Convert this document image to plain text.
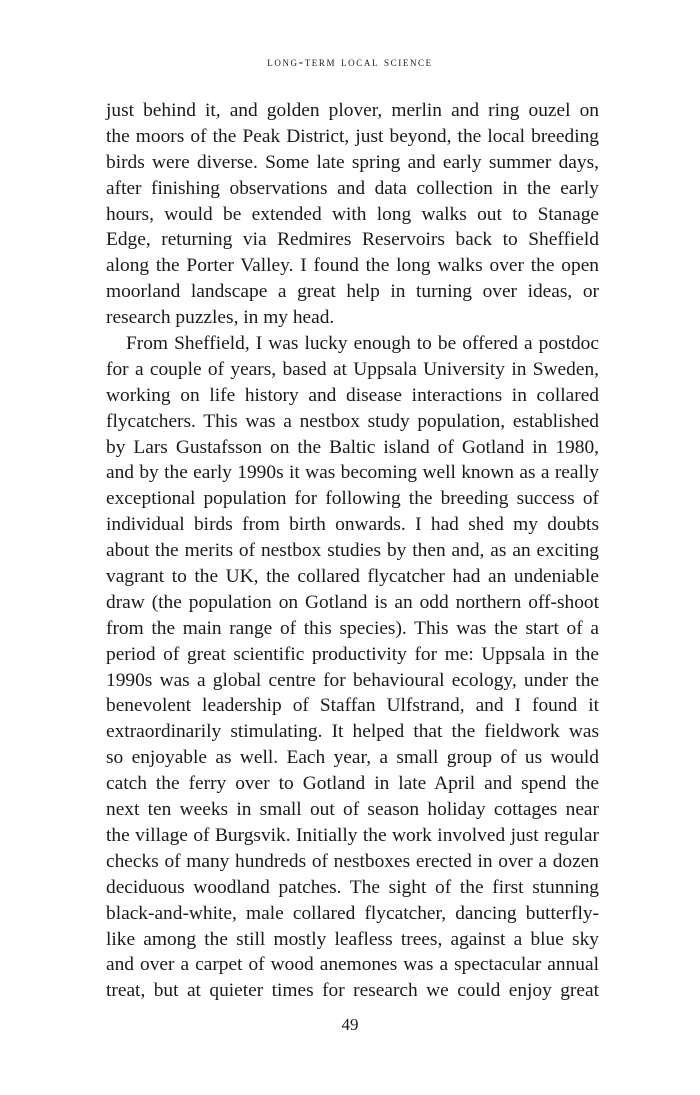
long-term local science
just behind it, and golden plover, merlin and ring ouzel on
the moors of the Peak District, just beyond, the local breeding
birds were diverse. Some late spring and early summer days,
after finishing observations and data collection in the early
hours, would be extended with long walks out to Stanage
Edge, returning via Redmires Reservoirs back to Sheffield
along the Porter Valley. I found the long walks over the open
moorland landscape a great help in turning over ideas, or
research puzzles, in my head.
From Sheffield, I was lucky enough to be offered a postdoc
for a couple of years, based at Uppsala University in Sweden,
working on life history and disease interactions in collared
flycatchers. This was a nestbox study population, established
by Lars Gustafsson on the Baltic island of Gotland in 1980,
and by the early 1990s it was becoming well known as a really
exceptional population for following the breeding success of
individual birds from birth onwards. I had shed my doubts
about the merits of nestbox studies by then and, as an exciting
vagrant to the UK, the collared flycatcher had an undeniable
draw (the population on Gotland is an odd northern off-shoot
from the main range of this species). This was the start of a
period of great scientific productivity for me: Uppsala in the
1990s was a global centre for behavioural ecology, under the
benevolent leadership of Staffan Ulfstrand, and I found it
extraordinarily stimulating. It helped that the fieldwork was
so enjoyable as well. Each year, a small group of us would
catch the ferry over to Gotland in late April and spend the
next ten weeks in small out of season holiday cottages near
the village of Burgsvik. Initially the work involved just regular
checks of many hundreds of nestboxes erected in over a dozen
deciduous woodland patches. The sight of the first stunning
black-and-white, male collared flycatcher, dancing butterfly-
like among the still mostly leafless trees, against a blue sky
and over a carpet of wood anemones was a spectacular annual
treat, but at quieter times for research we could enjoy great
49
